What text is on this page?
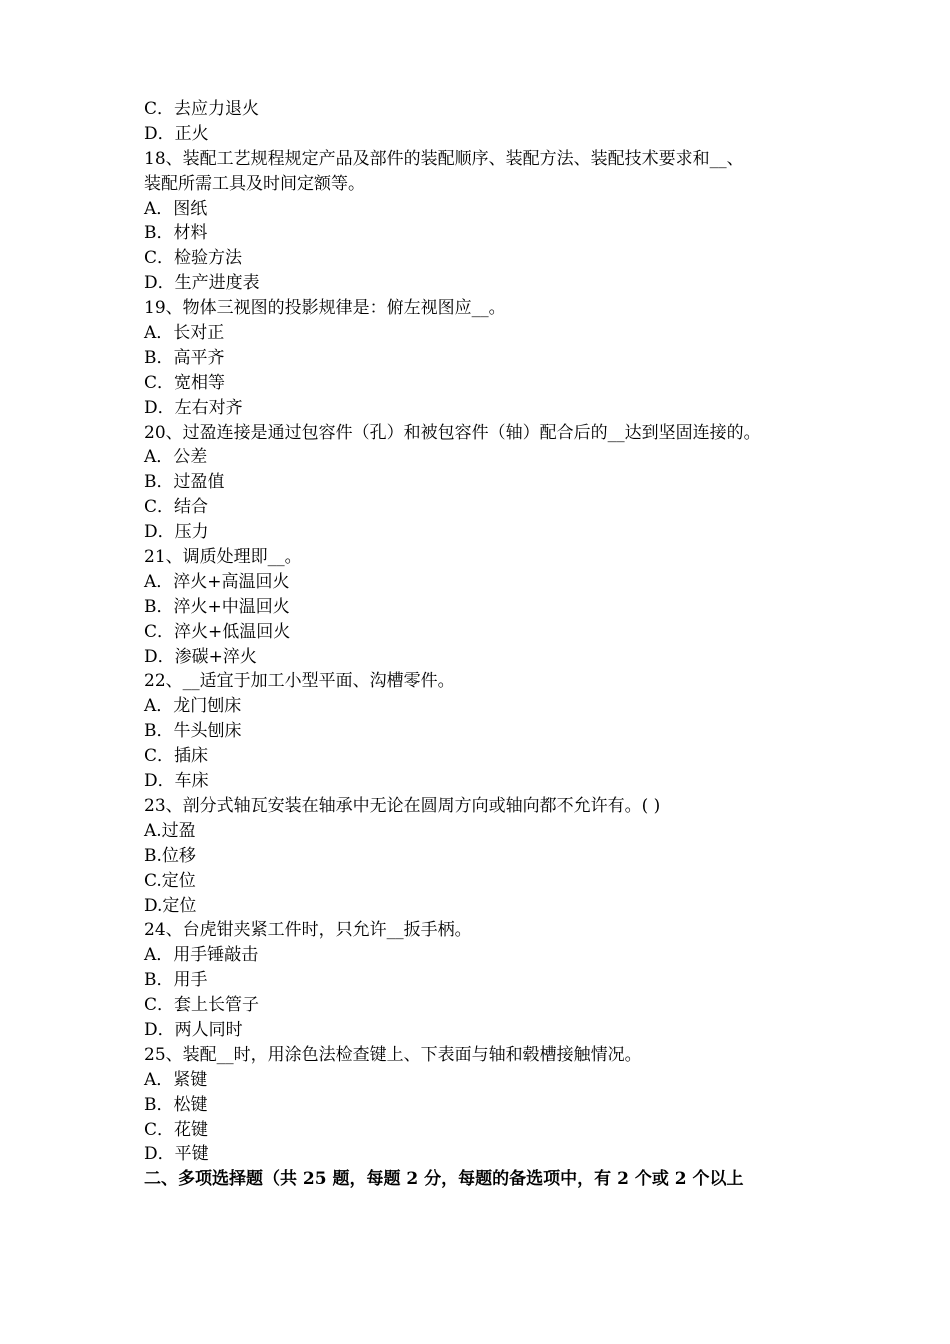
C．去应力退火
D．正火
18、装配工艺规程规定产品及部件的装配顺序、装配方法、装配技术要求和__、
装配所需工具及时间定额等。
A．图纸
B．材料
C．检验方法
D．生产进度表
19、物体三视图的投影规律是：俯左视图应__。
A．长对正
B．高平齐
C．宽相等
D．左右对齐
20、过盈连接是通过包容件（孔）和被包容件（轴）配合后的__达到坚固连接的。
A．公差
B．过盈值
C．结合
D．压力
21、调质处理即__。
A．淬火+高温回火
B．淬火+中温回火
C．淬火+低温回火
D．渗碳+淬火
22、__适宜于加工小型平面、沟槽零件。
A．龙门刨床
B．牛头刨床
C．插床
D．车床
23、剖分式轴瓦安装在轴承中无论在圆周方向或轴向都不允许有。( )
A.过盈
B.位移
C.定位
D.定位
24、台虎钳夹紧工件时，只允许__扳手柄。
A．用手锤敲击
B．用手
C．套上长管子
D．两人同时
25、装配__时，用涂色法检查键上、下表面与轴和毂槽接触情况。
A．紧键
B．松键
C．花键
D．平键
二、多项选择题（共 25 题，每题 2 分，每题的备选项中，有 2 个或 2 个以上
